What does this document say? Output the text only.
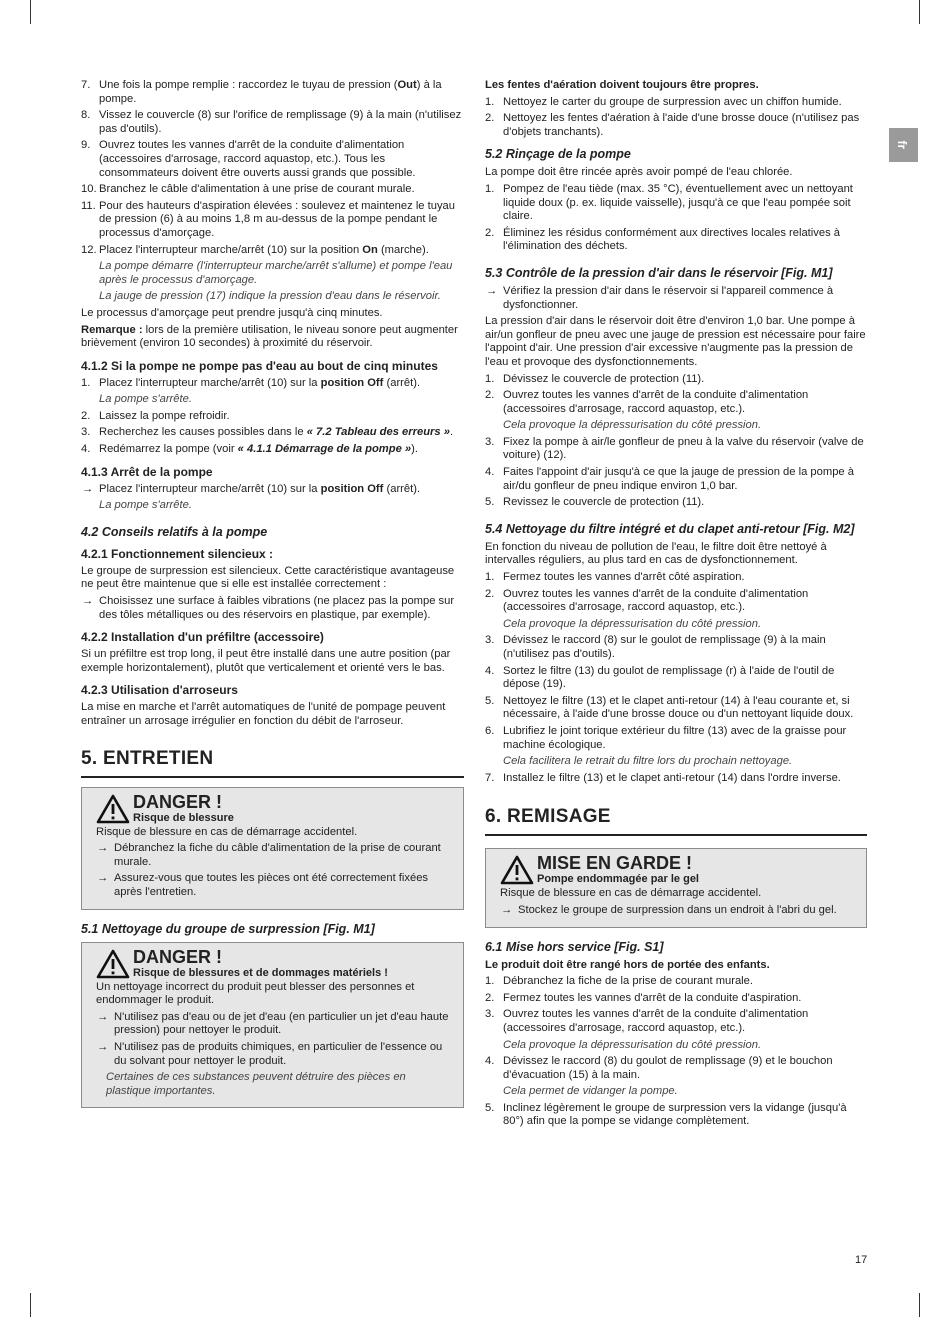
fr
7. Une fois la pompe remplie : raccordez le tuyau de pression (Out) à la pompe.
8. Vissez le couvercle (8) sur l'orifice de remplissage (9) à la main (n'utilisez pas d'outils).
9. Ouvrez toutes les vannes d'arrêt de la conduite d'alimentation (accessoires d'arrosage, raccord aquastop, etc.). Tous les consommateurs doivent être ouverts aussi grands que possible.
10. Branchez le câble d'alimentation à une prise de courant murale.
11. Pour des hauteurs d'aspiration élevées : soulevez et maintenez le tuyau de pression (6) à au moins 1,8 m au-dessus de la pompe pendant le processus d'amorçage.
12. Placez l'interrupteur marche/arrêt (10) sur la position On (marche).
La pompe démarre (l'interrupteur marche/arrêt s'allume) et pompe l'eau après le processus d'amorçage.
La jauge de pression (17) indique la pression d'eau dans le réservoir.

Le processus d'amorçage peut prendre jusqu'à cinq minutes.

Remarque : lors de la première utilisation, le niveau sonore peut augmenter brièvement (environ 10 secondes) à proximité du réservoir.

4.1.2 Si la pompe ne pompe pas d'eau au bout de cinq minutes
1. Placez l'interrupteur marche/arrêt (10) sur la position Off (arrêt).
La pompe s'arrête.
2. Laissez la pompe refroidir.
3. Recherchez les causes possibles dans le « 7.2 Tableau des erreurs ».
4. Redémarrez la pompe (voir « 4.1.1 Démarrage de la pompe »).
4.1.3 Arrêt de la pompe
→ Placez l'interrupteur marche/arrêt (10) sur la position Off (arrêt).

La pompe s'arrête.

4.2 Conseils relatifs à la pompe
4.2.1 Fonctionnement silencieux :

Le groupe de surpression est silencieux. Cette caractéristique avantageuse ne peut être maintenue que si elle est installée correctement :

→ Choisissez une surface à faibles vibrations (ne placez pas la pompe sur des tôles métalliques ou des réservoirs en plastique, par exemple).
4.2.2 Installation d'un préfiltre (accessoire)

Si un préfiltre est trop long, il peut être installé dans une autre position (par exemple horizontalement), plutôt que verticalement et orienté vers le bas.

4.2.3 Utilisation d'arroseurs

La mise en marche et l'arrêt automatiques de l'unité de pompage peuvent entraîner un arrosage irrégulier en fonction du débit de l'arroseur.

5. ENTRETIEN
DANGER !
Risque de blessure

Risque de blessure en cas de démarrage accidentel.

→ Débranchez la fiche du câble d'alimentation de la prise de courant murale.
→ Assurez-vous que toutes les pièces ont été correctement fixées après l'entretien.
5.1 Nettoyage du groupe de surpression [Fig. M1]
DANGER !
Risque de blessures et de dommages matériels !

Un nettoyage incorrect du produit peut blesser des personnes et endommager le produit.

→ N'utilisez pas d'eau ou de jet d'eau (en particulier un jet d'eau haute pression) pour nettoyer le produit.
→ N'utilisez pas de produits chimiques, en particulier de l'essence ou du solvant pour nettoyer le produit.

Certaines de ces substances peuvent détruire des pièces en plastique importantes.

Les fentes d'aération doivent toujours être propres.

1. Nettoyez le carter du groupe de surpression avec un chiffon humide.
2. Nettoyez les fentes d'aération à l'aide d'une brosse douce (n'utilisez pas d'objets tranchants).
5.2 Rinçage de la pompe

La pompe doit être rincée après avoir pompé de l'eau chlorée.

1. Pompez de l'eau tiède (max. 35 °C), éventuellement avec un nettoyant liquide doux (p. ex. liquide vaisselle), jusqu'à ce que l'eau pompée soit claire.
2. Éliminez les résidus conformément aux directives locales relatives à l'élimination des déchets.
5.3 Contrôle de la pression d'air dans le réservoir [Fig. M1]
→ Vérifiez la pression d'air dans le réservoir si l'appareil commence à dysfonctionner.

La pression d'air dans le réservoir doit être d'environ 1,0 bar. Une pompe à air/un gonfleur de pneu avec une jauge de pression est nécessaire pour faire l'appoint d'air. Une pression d'air excessive n'augmente pas la pression de l'eau et provoque des dysfonctionnements.

1. Dévissez le couvercle de protection (11).
2. Ouvrez toutes les vannes d'arrêt de la conduite d'alimentation (accessoires d'arrosage, raccord aquastop, etc.).
Cela provoque la dépressurisation du côté pression.
3. Fixez la pompe à air/le gonfleur de pneu à la valve du réservoir (valve de voiture) (12).
4. Faites l'appoint d'air jusqu'à ce que la jauge de pression de la pompe à air/du gonfleur de pneu indique environ 1,0 bar.
5. Revissez le couvercle de protection (11).
5.4 Nettoyage du filtre intégré et du clapet anti-retour [Fig. M2]

En fonction du niveau de pollution de l'eau, le filtre doit être nettoyé à intervalles réguliers, au plus tard en cas de dysfonctionnement.

1. Fermez toutes les vannes d'arrêt côté aspiration.
2. Ouvrez toutes les vannes d'arrêt de la conduite d'alimentation (accessoires d'arrosage, raccord aquastop, etc.).
Cela provoque la dépressurisation du côté pression.
3. Dévissez le raccord (8) sur le goulot de remplissage (9) à la main (n'utilisez pas d'outils).
4. Sortez le filtre (13) du goulot de remplissage (r) à l'aide de l'outil de dépose (19).
5. Nettoyez le filtre (13) et le clapet anti-retour (14) à l'eau courante et, si nécessaire, à l'aide d'une brosse douce ou d'un nettoyant liquide doux.
6. Lubrifiez le joint torique extérieur du filtre (13) avec de la graisse pour machine écologique.
Cela facilitera le retrait du filtre lors du prochain nettoyage.
7. Installez le filtre (13) et le clapet anti-retour (14) dans l'ordre inverse.
6. REMISAGE
MISE EN GARDE !
Pompe endommagée par le gel

Risque de blessure en cas de démarrage accidentel.

→ Stockez le groupe de surpression dans un endroit à l'abri du gel.
6.1 Mise hors service [Fig. S1]

Le produit doit être rangé hors de portée des enfants.

1. Débranchez la fiche de la prise de courant murale.
2. Fermez toutes les vannes d'arrêt de la conduite d'aspiration.
3. Ouvrez toutes les vannes d'arrêt de la conduite d'alimentation (accessoires d'arrosage, raccord aquastop, etc.).
Cela provoque la dépressurisation du côté pression.
4. Dévissez le raccord (8) du goulot de remplissage (9) et le bouchon d'évacuation (15) à la main.
Cela permet de vidanger la pompe.
5. Inclinez légèrement le groupe de surpression vers la vidange (jusqu'à 80°) afin que la pompe se vidange complètement.
17
